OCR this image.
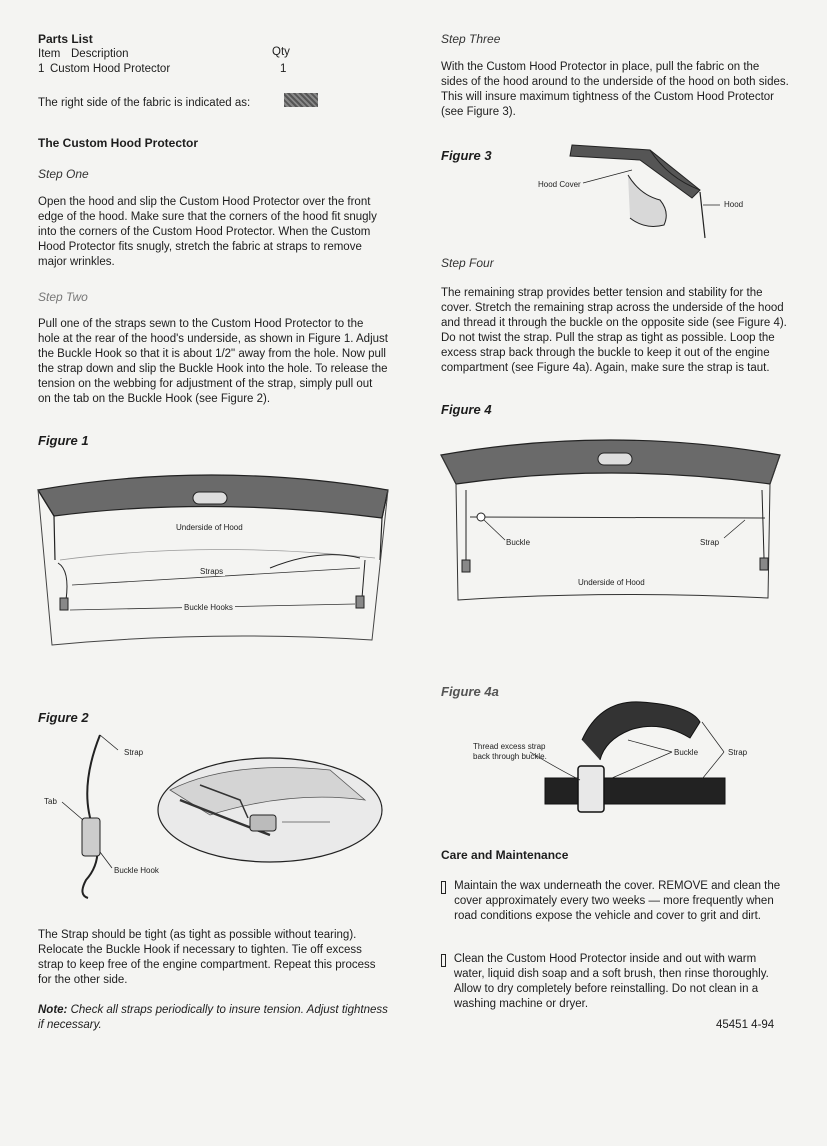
Parts List
Item Description	Qty
1 Custom Hood Protector	1
The right side of the fabric is indicated as:
The Custom Hood Protector
Step One
Open the hood and slip the Custom Hood Protector over the front edge of the hood. Make sure that the corners of the hood fit snugly into the corners of the Custom Hood Protector. When the Custom Hood Protector fits snugly, stretch the fabric at straps to remove major wrinkles.
Step Two
Pull one of the straps sewn to the Custom Hood Protector to the hole at the rear of the hood's underside, as shown in Figure 1. Adjust the Buckle Hook so that it is about 1/2" away from the hole. Now pull the strap down and slip the Buckle Hook into the hole. To release the tension on the webbing for adjustment of the strap, simply pull out on the tab on the Buckle Hook (see Figure 2).
Figure 1
Underside of Hood
Straps
Buckle Hooks
Figure 2
Strap
Tab
Buckle Hook
The Strap should be tight (as tight as possible without tearing). Relocate the Buckle Hook if necessary to tighten. Tie off excess strap to keep free of the engine compartment. Repeat this process for the other side.
Note: Check all straps periodically to insure tension. Adjust tightness if necessary.
Step Three
With the Custom Hood Protector in place, pull the fabric on the sides of the hood around to the underside of the hood on both sides. This will insure maximum tightness of the Custom Hood Protector (see Figure 3).
Figure 3
Hood Cover
Hood
Step Four
The remaining strap provides better tension and stability for the cover. Stretch the remaining strap across the underside of the hood and thread it through the buckle on the opposite side (see Figure 4). Do not twist the strap. Pull the strap as tight as possible. Loop the excess strap back through the buckle to keep it out of the engine compartment (see Figure 4a). Again, make sure the strap is taut.
Figure 4
Buckle	Strap
Underside of Hood
Figure 4a
Thread excess strap back through buckle.	Buckle	Strap
Care and Maintenance
Maintain the wax underneath the cover. REMOVE and clean the cover approximately every two weeks — more frequently when road conditions expose the vehicle and cover to grit and dirt.
Clean the Custom Hood Protector inside and out with warm water, liquid dish soap and a soft brush, then rinse thoroughly. Allow to dry completely before reinstalling. Do not clean in a washing machine or dryer.
45451 4-94
